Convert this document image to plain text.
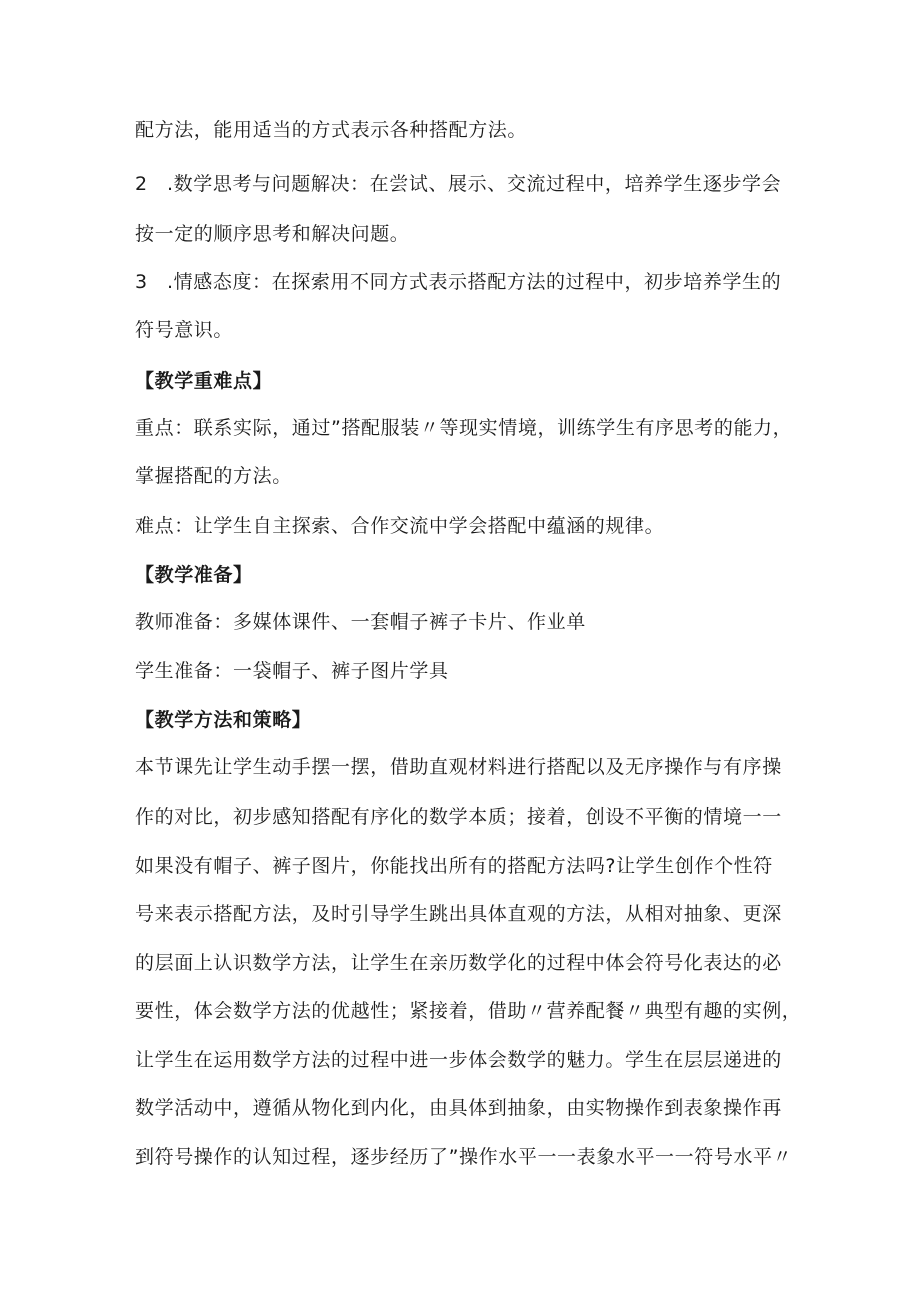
配方法，能用适当的方式表示各种搭配方法。
2 .数学思考与问题解决：在尝试、展示、交流过程中，培养学生逐步学会
按一定的顺序思考和解决问题。
3 .情感态度：在探索用不同方式表示搭配方法的过程中，初步培养学生的
符号意识。
【教学重难点】
重点：联系实际，通过”搭配服装〃等现实情境，训练学生有序思考的能力，
掌握搭配的方法。
难点：让学生自主探索、合作交流中学会搭配中蕴涵的规律。
【教学准备】
教师准备：多媒体课件、一套帽子裤子卡片、作业单
学生准备：一袋帽子、裤子图片学具
【教学方法和策略】
本节课先让学生动手摆一摆，借助直观材料进行搭配以及无序操作与有序操
作的对比，初步感知搭配有序化的数学本质；接着，创设不平衡的情境一一
如果没有帽子、裤子图片，你能找出所有的搭配方法吗?让学生创作个性符
号来表示搭配方法，及时引导学生跳出具体直观的方法，从相对抽象、更深
的层面上认识数学方法，让学生在亲历数学化的过程中体会符号化表达的必
要性，体会数学方法的优越性；紧接着，借助〃营养配餐〃典型有趣的实例，
让学生在运用数学方法的过程中进一步体会数学的魅力。学生在层层递进的
数学活动中，遵循从物化到内化，由具体到抽象，由实物操作到表象操作再
到符号操作的认知过程，逐步经历了”操作水平一一表象水平一一符号水平〃
